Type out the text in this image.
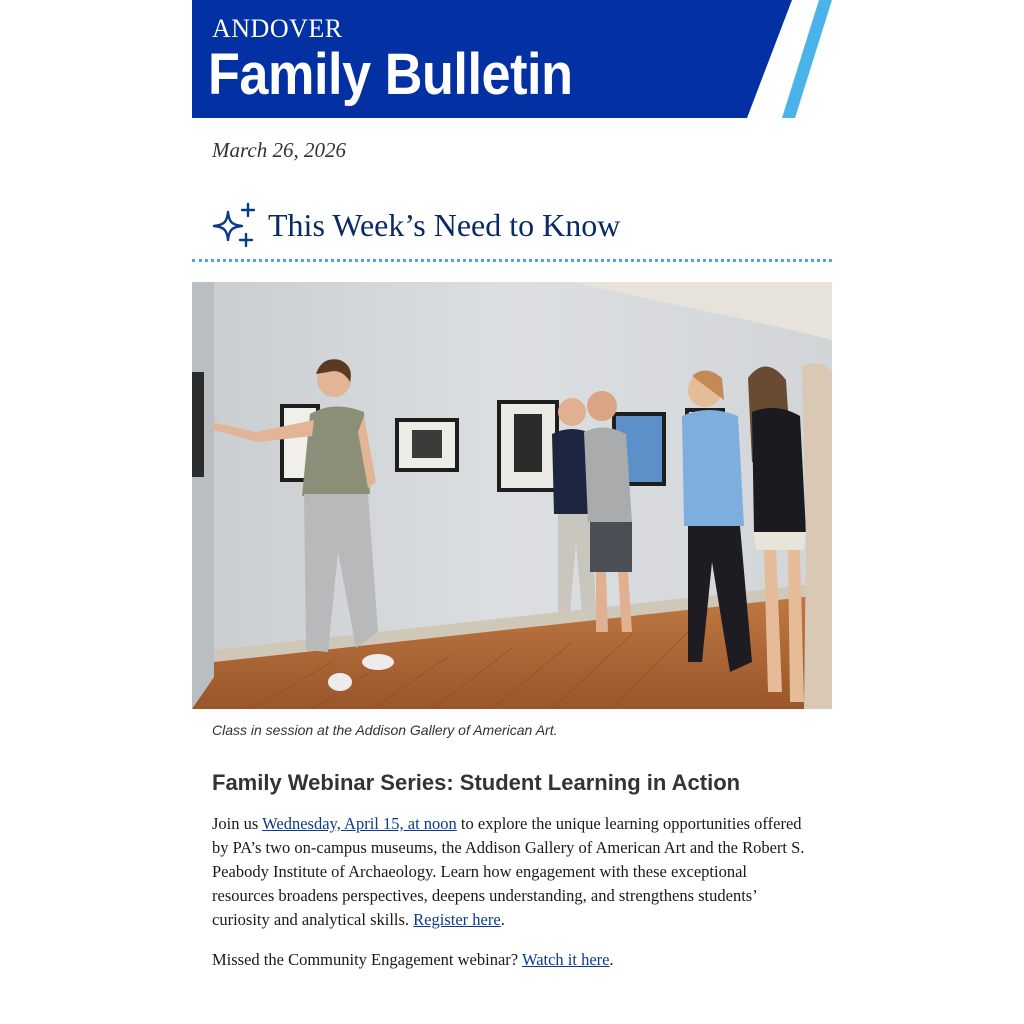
ANDOVER
Family Bulletin
March 26, 2026
This Week’s Need to Know
Class in session at the Addison Gallery of American Art.
Family Webinar Series: Student Learning in Action

Join us Wednesday, April 15, at noon to explore the unique learning opportunities offered by PA’s two on-campus museums, the Addison Gallery of American Art and the Robert S. Peabody Institute of Archaeology. Learn how engagement with these exceptional resources broadens perspectives, deepens understanding, and strengthens students’ curiosity and analytical skills. Register here.

Missed the Community Engagement webinar? Watch it here.
